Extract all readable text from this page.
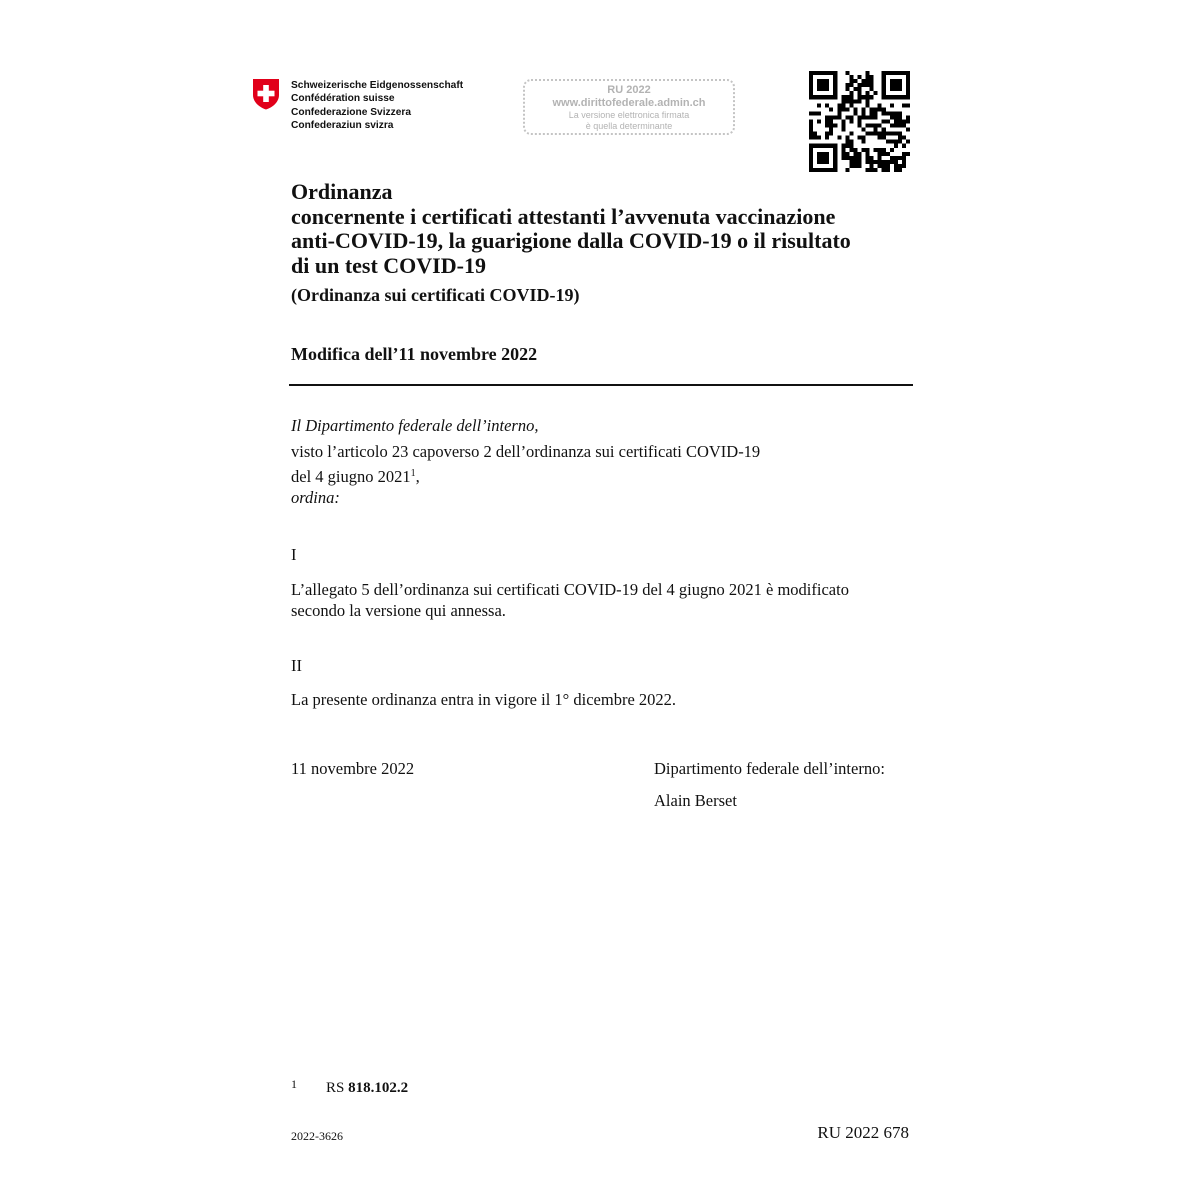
Schweizerische Eidgenossenschaft
Confédération suisse
Confederazione Svizzera
Confederaziun svizra
RU 2022
www.dirittofederale.admin.ch
La versione elettronica firmata
è quella determinante
Ordinanza
concernente i certificati attestanti l’avvenuta vaccinazione
anti-COVID-19, la guarigione dalla COVID-19 o il risultato
di un test COVID-19
(Ordinanza sui certificati COVID-19)
Modifica dell’11 novembre 2022
Il Dipartimento federale dell’interno,
visto l’articolo 23 capoverso 2 dell’ordinanza sui certificati COVID-19
del 4 giugno 2021$^1$,
ordina:
I
L’allegato 5 dell’ordinanza sui certificati COVID-19 del 4 giugno 2021 è modificato
secondo la versione qui annessa.
II
La presente ordinanza entra in vigore il 1° dicembre 2022.
11 novembre 2022	Dipartimento federale dell’interno:
Alain Berset
1 RS 818.102.2
2022-3626	RU 2022 678
